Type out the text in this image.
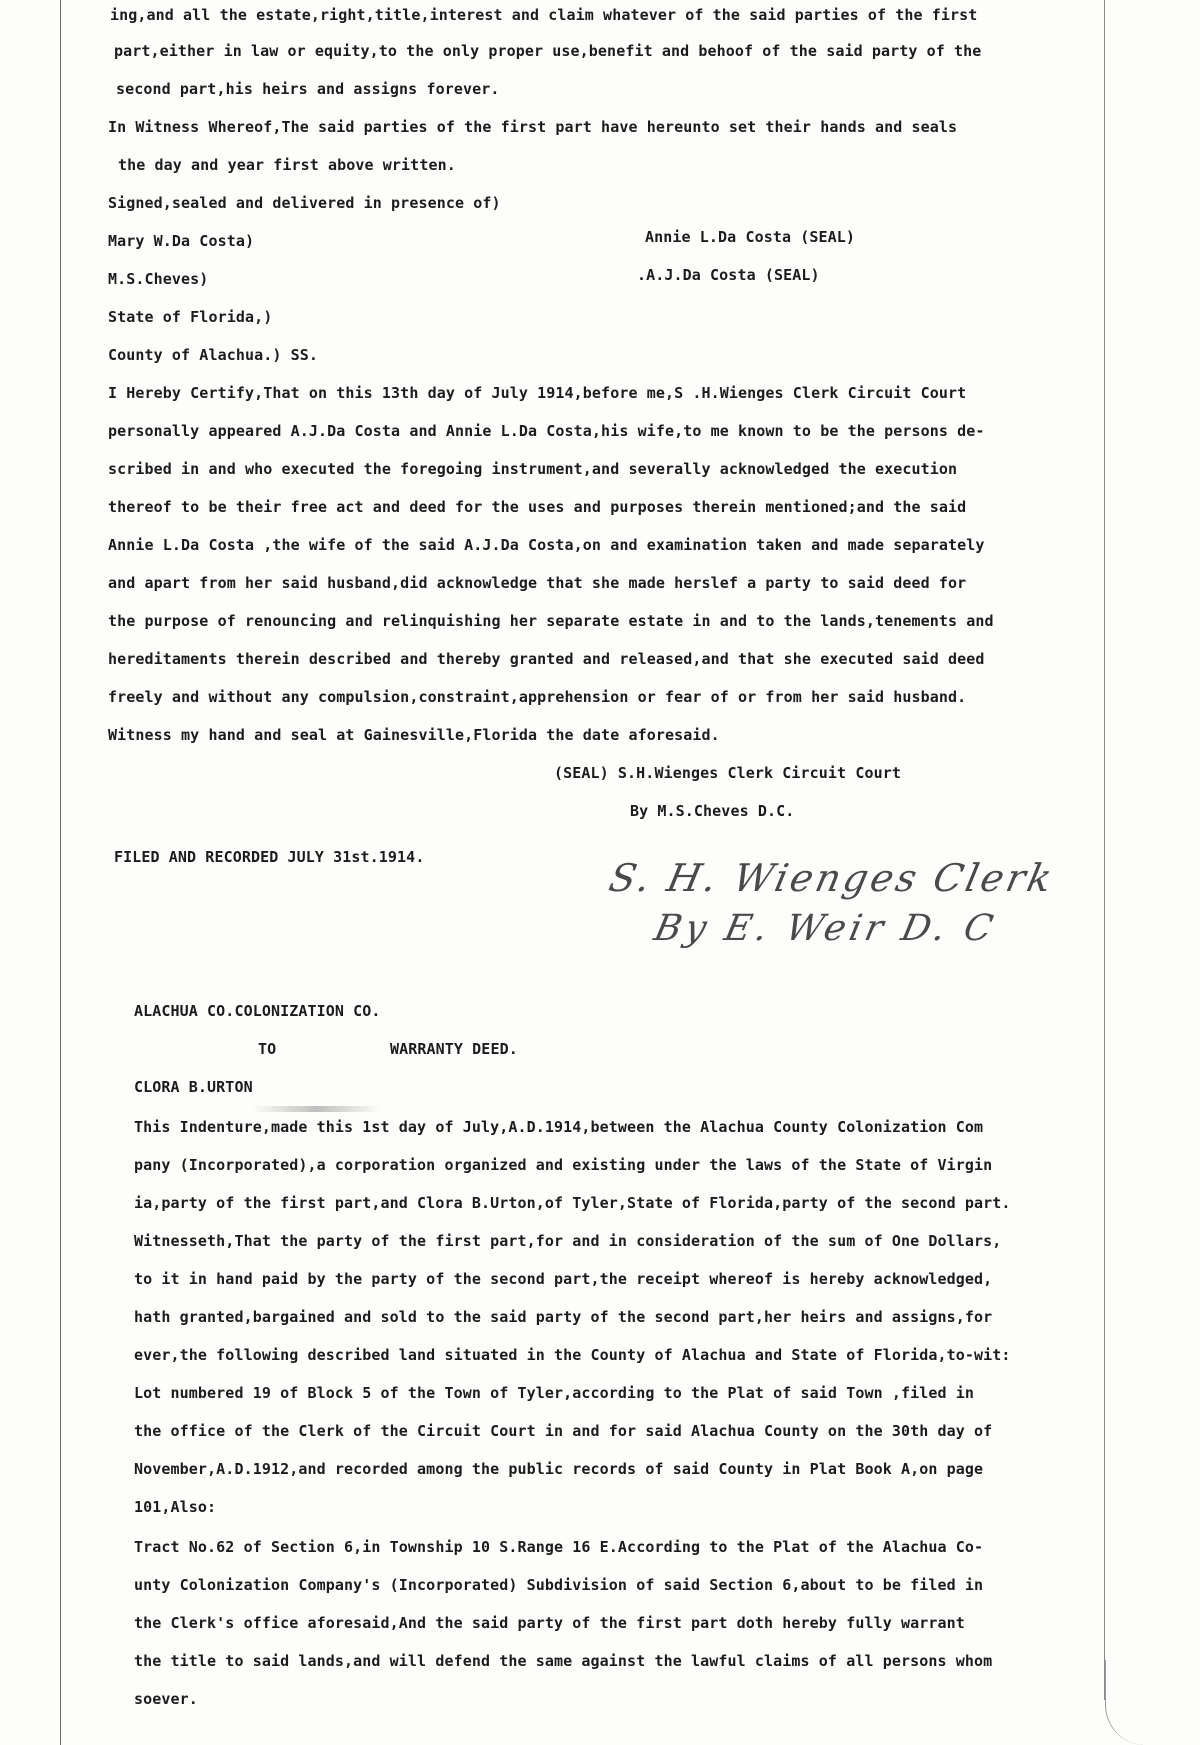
ing,and all the estate,right,title,interest and claim whatever of the said parties of the first
part,either in law or equity,to the only proper use,benefit and behoof of the said party of the
second part,his heirs and assigns forever.
In Witness Whereof,The said parties of the first part have hereunto set their hands and seals
the day and year first above written.
Signed,sealed and delivered in presence of)
Mary W.Da Costa)	Annie L.Da Costa (SEAL)
M.S.Cheves)	.A.J.Da Costa (SEAL)
State of Florida,)
County of Alachua.) SS.
I Hereby Certify,That on this 13th day of July 1914,before me,S .H.Wienges Clerk Circuit Court
personally appeared A.J.Da Costa and Annie L.Da Costa,his wife,to me known to be the persons de-
scribed in and who executed the foregoing instrument,and severally acknowledged the execution
thereof to be their free act and deed for the uses and purposes therein mentioned;and the said
Annie L.Da Costa ,the wife of the said A.J.Da Costa,on and examination taken and made separately
and apart from her said husband,did acknowledge that she made herslef a party to said deed for
the purpose of renouncing and relinquishing her separate estate in and to the lands,tenements and
hereditaments therein described and thereby granted and released,and that she executed said deed
freely and without any compulsion,constraint,apprehension or fear of or from her said husband.
Witness my hand and seal at Gainesville,Florida the date aforesaid.
(SEAL) S.H.Wienges Clerk Circuit Court
By M.S.Cheves D.C.
FILED AND RECORDED JULY 31st.1914.	S. H. Wienges Clerk
By E. Weir D. C
ALACHUA CO.COLONIZATION CO.
TO	WARRANTY DEED.
CLORA B.URTON
This Indenture,made this 1st day of July,A.D.1914,between the Alachua County Colonization Com
pany (Incorporated),a corporation organized and existing under the laws of the State of Virgin
ia,party of the first part,and Clora B.Urton,of Tyler,State of Florida,party of the second part.
Witnesseth,That the party of the first part,for and in consideration of the sum of One Dollars,
to it in hand paid by the party of the second part,the receipt whereof is hereby acknowledged,
hath granted,bargained and sold to the said party of the second part,her heirs and assigns,for
ever,the following described land situated in the County of Alachua and State of Florida,to-wit:
Lot numbered 19 of Block 5 of the Town of Tyler,according to the Plat of said Town ,filed in
the office of the Clerk of the Circuit Court in and for said Alachua County on the 30th day of
November,A.D.1912,and recorded among the public records of said County in Plat Book A,on page
101,Also:
Tract No.62 of Section 6,in Township 10 S.Range 16 E.According to the Plat of the Alachua Co-
unty Colonization Company's (Incorporated) Subdivision of said Section 6,about to be filed in
the Clerk's office aforesaid,And the said party of the first part doth hereby fully warrant
the title to said lands,and will defend the same against the lawful claims of all persons whom
soever.
